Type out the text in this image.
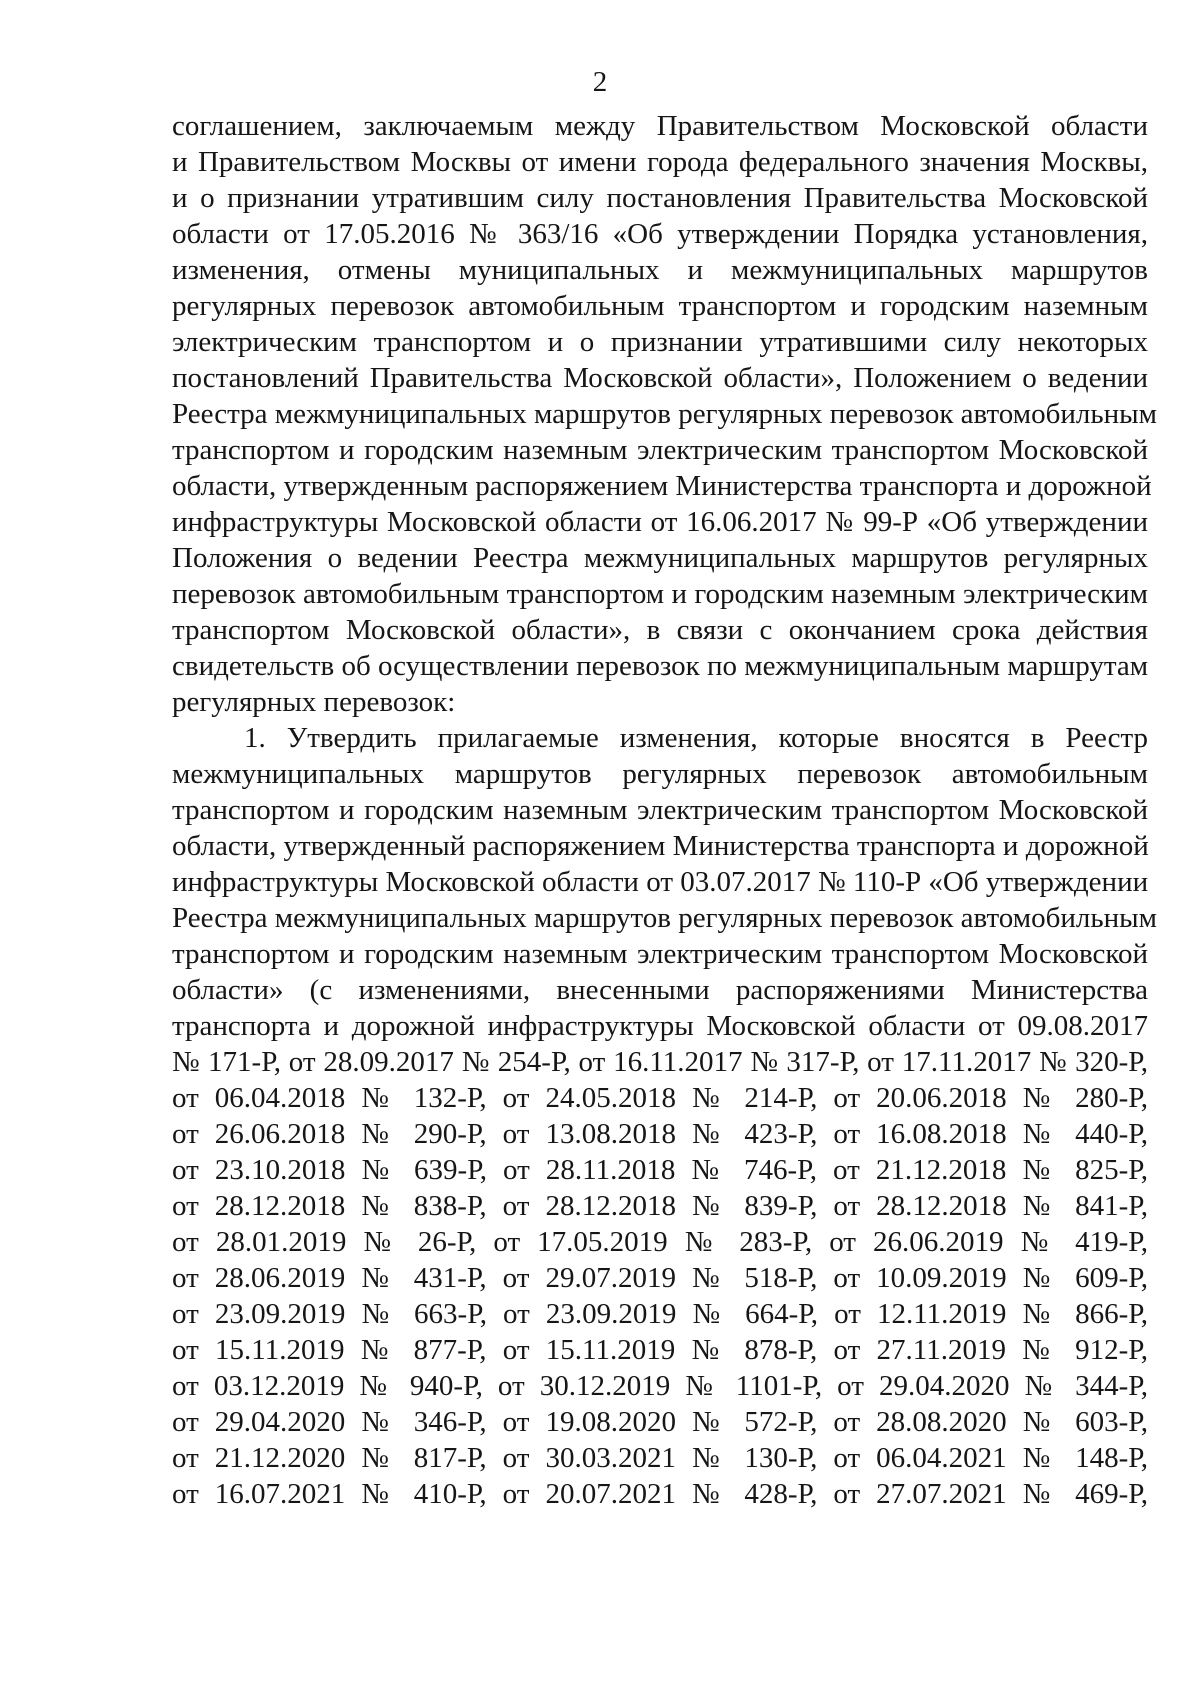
2
соглашением, заключаемым между Правительством Московской области
и Правительством Москвы от имени города федерального значения Москвы,
и о признании утратившим силу постановления Правительства Московской
области от 17.05.2016 № 363/16 «Об утверждении Порядка установления,
изменения, отмены муниципальных и межмуниципальных маршрутов
регулярных перевозок автомобильным транспортом и городским наземным
электрическим транспортом и о признании утратившими силу некоторых
постановлений Правительства Московской области», Положением о ведении
Реестра межмуниципальных маршрутов регулярных перевозок автомобильным
транспортом и городским наземным электрическим транспортом Московской
области, утвержденным распоряжением Министерства транспорта и дорожной
инфраструктуры Московской области от 16.06.2017 № 99-Р «Об утверждении
Положения о ведении Реестра межмуниципальных маршрутов регулярных
перевозок автомобильным транспортом и городским наземным электрическим
транспортом Московской области», в связи с окончанием срока действия
свидетельств об осуществлении перевозок по межмуниципальным маршрутам
регулярных перевозок:
1. Утвердить прилагаемые изменения, которые вносятся в Реестр
межмуниципальных маршрутов регулярных перевозок автомобильным
транспортом и городским наземным электрическим транспортом Московской
области, утвержденный распоряжением Министерства транспорта и дорожной
инфраструктуры Московской области от 03.07.2017 № 110-Р «Об утверждении
Реестра межмуниципальных маршрутов регулярных перевозок автомобильным
транспортом и городским наземным электрическим транспортом Московской
области» (с изменениями, внесенными распоряжениями Министерства
транспорта и дорожной инфраструктуры Московской области от 09.08.2017
№ 171-Р, от 28.09.2017 № 254-Р, от 16.11.2017 № 317-Р, от 17.11.2017 № 320-Р,
от 06.04.2018 № 132-Р, от 24.05.2018 № 214-Р, от 20.06.2018 № 280-Р,
от 26.06.2018 № 290-Р, от 13.08.2018 № 423-Р, от 16.08.2018 № 440-Р,
от 23.10.2018 № 639-Р, от 28.11.2018 № 746-Р, от 21.12.2018 № 825-Р,
от 28.12.2018 № 838-Р, от 28.12.2018 № 839-Р, от 28.12.2018 № 841-Р,
от 28.01.2019 № 26-Р, от 17.05.2019 № 283-Р, от 26.06.2019 № 419-Р,
от 28.06.2019 № 431-Р, от 29.07.2019 № 518-Р, от 10.09.2019 № 609-Р,
от 23.09.2019 № 663-Р, от 23.09.2019 № 664-Р, от 12.11.2019 № 866-Р,
от 15.11.2019 № 877-Р, от 15.11.2019 № 878-Р, от 27.11.2019 № 912-Р,
от 03.12.2019 № 940-Р, от 30.12.2019 № 1101-Р, от 29.04.2020 № 344-Р,
от 29.04.2020 № 346-Р, от 19.08.2020 № 572-Р, от 28.08.2020 № 603-Р,
от 21.12.2020 № 817-Р, от 30.03.2021 № 130-Р, от 06.04.2021 № 148-Р,
от 16.07.2021 № 410-Р, от 20.07.2021 № 428-Р, от 27.07.2021 № 469-Р,
